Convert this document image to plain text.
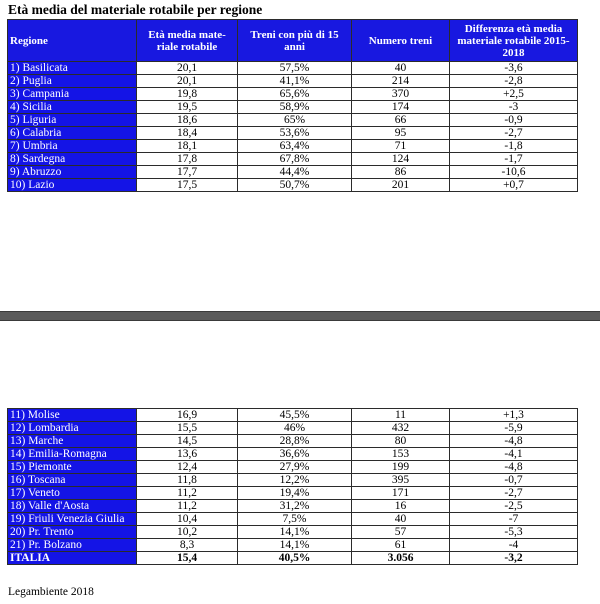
Età media del materiale rotabile per regione
Regione	Età media mate-riale rotabile	Treni con più di 15 anni	Numero treni	Differenza età media materiale rotabile 2015-2018
1) Basilicata	20,1	57,5%	40	-3,6
2) Puglia	20,1	41,1%	214	-2,8
3) Campania	19,8	65,6%	370	+2,5
4) Sicilia	19,5	58,9%	174	-3
5) Liguria	18,6	65%	66	-0,9
6) Calabria	18,4	53,6%	95	-2,7
7) Umbria	18,1	63,4%	71	-1,8
8) Sardegna	17,8	67,8%	124	-1,7
9) Abruzzo	17,7	44,4%	86	-10,6
10) Lazio	17,5	50,7%	201	+0,7
11) Molise	16,9	45,5%	11	+1,3
12) Lombardia	15,5	46%	432	-5,9
13) Marche	14,5	28,8%	80	-4,8
14) Emilia-Romagna	13,6	36,6%	153	-4,1
15) Piemonte	12,4	27,9%	199	-4,8
16) Toscana	11,8	12,2%	395	-0,7
17) Veneto	11,2	19,4%	171	-2,7
18) Valle d'Aosta	11,2	31,2%	16	-2,5
19) Friuli Venezia Giulia	10,4	7,5%	40	-7
20) Pr. Trento	10,2	14,1%	57	-5,3
21) Pr. Bolzano	8,3	14,1%	61	-4
ITALIA	15,4	40,5%	3.056	-3,2
Legambiente 2018
